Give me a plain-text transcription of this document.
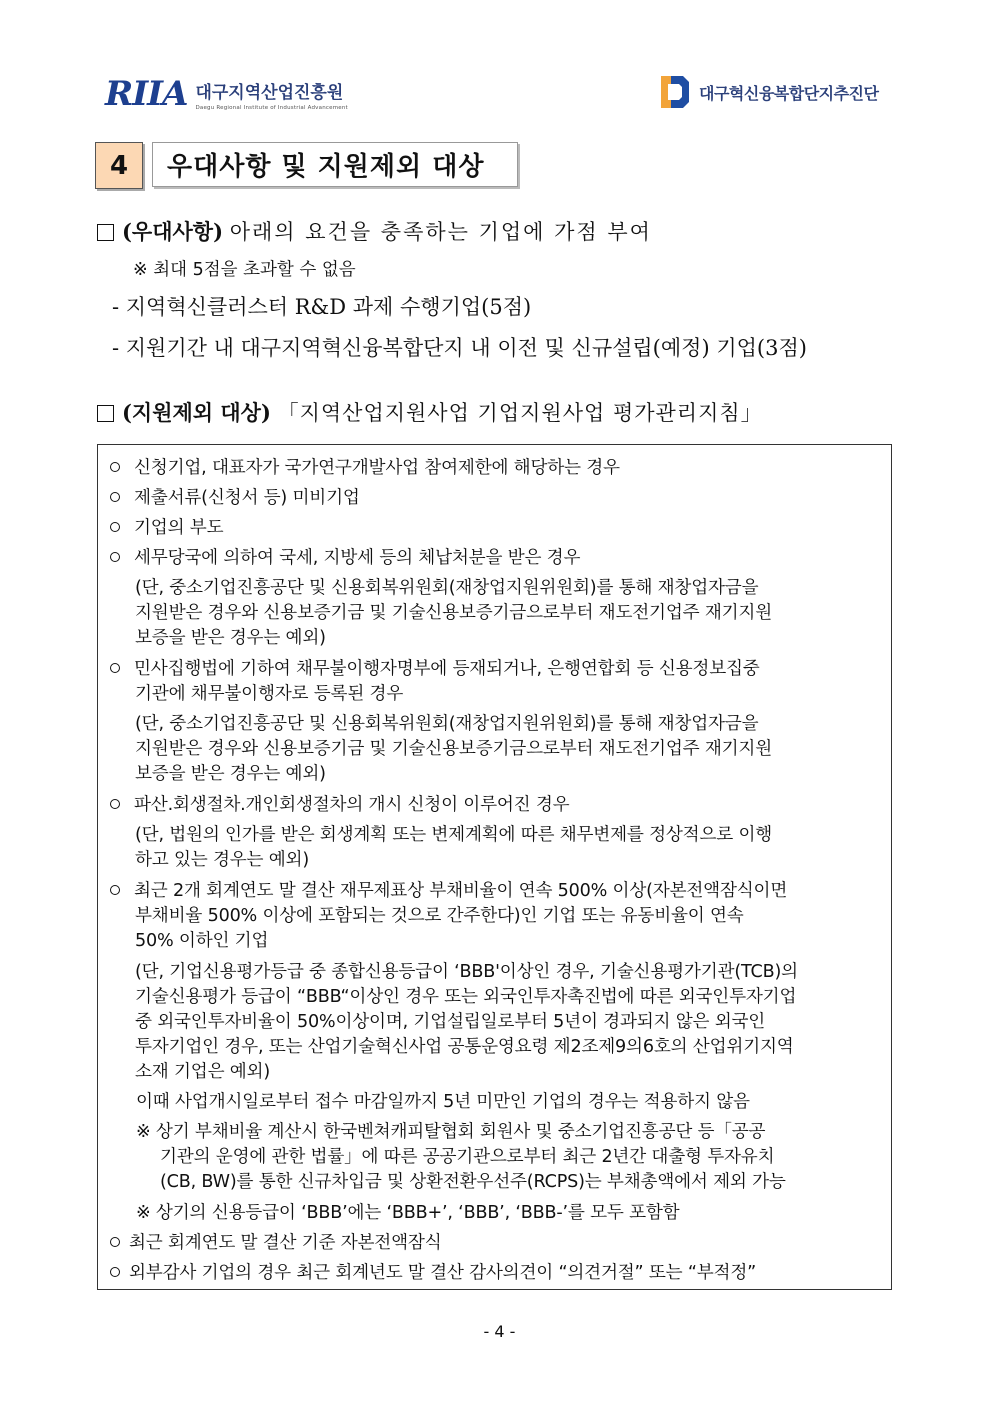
RIIA 대구지역산업진흥원
Daegu Regional Institute of Industrial Advancement
대구혁신융복합단지추진단
4	우대사항 및 지원제외 대상
(우대사항) 아래의 요건을 충족하는 기업에 가점 부여
※ 최대 5점을 초과할 수 없음
- 지역혁신클러스터 R&D 과제 수행기업(5점)
- 지원기간 내 대구지역혁신융복합단지 내 이전 및 신규설립(예정) 기업(3점)
(지원제외 대상) 「지역산업지원사업 기업지원사업 평가관리지침」
신청기업, 대표자가 국가연구개발사업 참여제한에 해당하는 경우
제출서류(신청서 등) 미비기업
기업의 부도
세무당국에 의하여 국세, 지방세 등의 체납처분을 받은 경우
(단, 중소기업진흥공단 및 신용회복위원회(재창업지원위원회)를 통해 재창업자금을
지원받은 경우와 신용보증기금 및 기술신용보증기금으로부터 재도전기업주 재기지원
보증을 받은 경우는 예외)
민사집행법에 기하여 채무불이행자명부에 등재되거나, 은행연합회 등 신용정보집중
기관에 채무불이행자로 등록된 경우
(단, 중소기업진흥공단 및 신용회복위원회(재창업지원위원회)를 통해 재창업자금을
지원받은 경우와 신용보증기금 및 기술신용보증기금으로부터 재도전기업주 재기지원
보증을 받은 경우는 예외)
파산.회생절차.개인회생절차의 개시 신청이 이루어진 경우
(단, 법원의 인가를 받은 회생계획 또는 변제계획에 따른 채무변제를 정상적으로 이행
하고 있는 경우는 예외)
최근 2개 회계연도 말 결산 재무제표상 부채비율이 연속 500% 이상(자본전액잠식이면
부채비율 500% 이상에 포함되는 것으로 간주한다)인 기업 또는 유동비율이 연속
50% 이하인 기업
(단, 기업신용평가등급 중 종합신용등급이 ‘BBB'이상인 경우, 기술신용평가기관(TCB)의
기술신용평가 등급이 “BBB“이상인 경우 또는 외국인투자촉진법에 따른 외국인투자기업
중 외국인투자비율이 50%이상이며, 기업설립일로부터 5년이 경과되지 않은 외국인
투자기업인 경우, 또는 산업기술혁신사업 공통운영요령 제2조제9의6호의 산업위기지역
소재 기업은 예외)
이때 사업개시일로부터 접수 마감일까지 5년 미만인 기업의 경우는 적용하지 않음
※ 상기 부채비율 계산시 한국벤쳐캐피탈협회 회원사 및 중소기업진흥공단 등「공공
기관의 운영에 관한 법률」에 따른 공공기관으로부터 최근 2년간 대출형 투자유치
(CB, BW)를 통한 신규차입금 및 상환전환우선주(RCPS)는 부채총액에서 제외 가능
※ 상기의 신용등급이 ‘BBB’에는 ‘BBB+’, ‘BBB’, ‘BBB-’를 모두 포함함
최근 회계연도 말 결산 기준 자본전액잠식
외부감사 기업의 경우 최근 회계년도 말 결산 감사의견이 “의견거절” 또는 “부적정”
- 4 -
